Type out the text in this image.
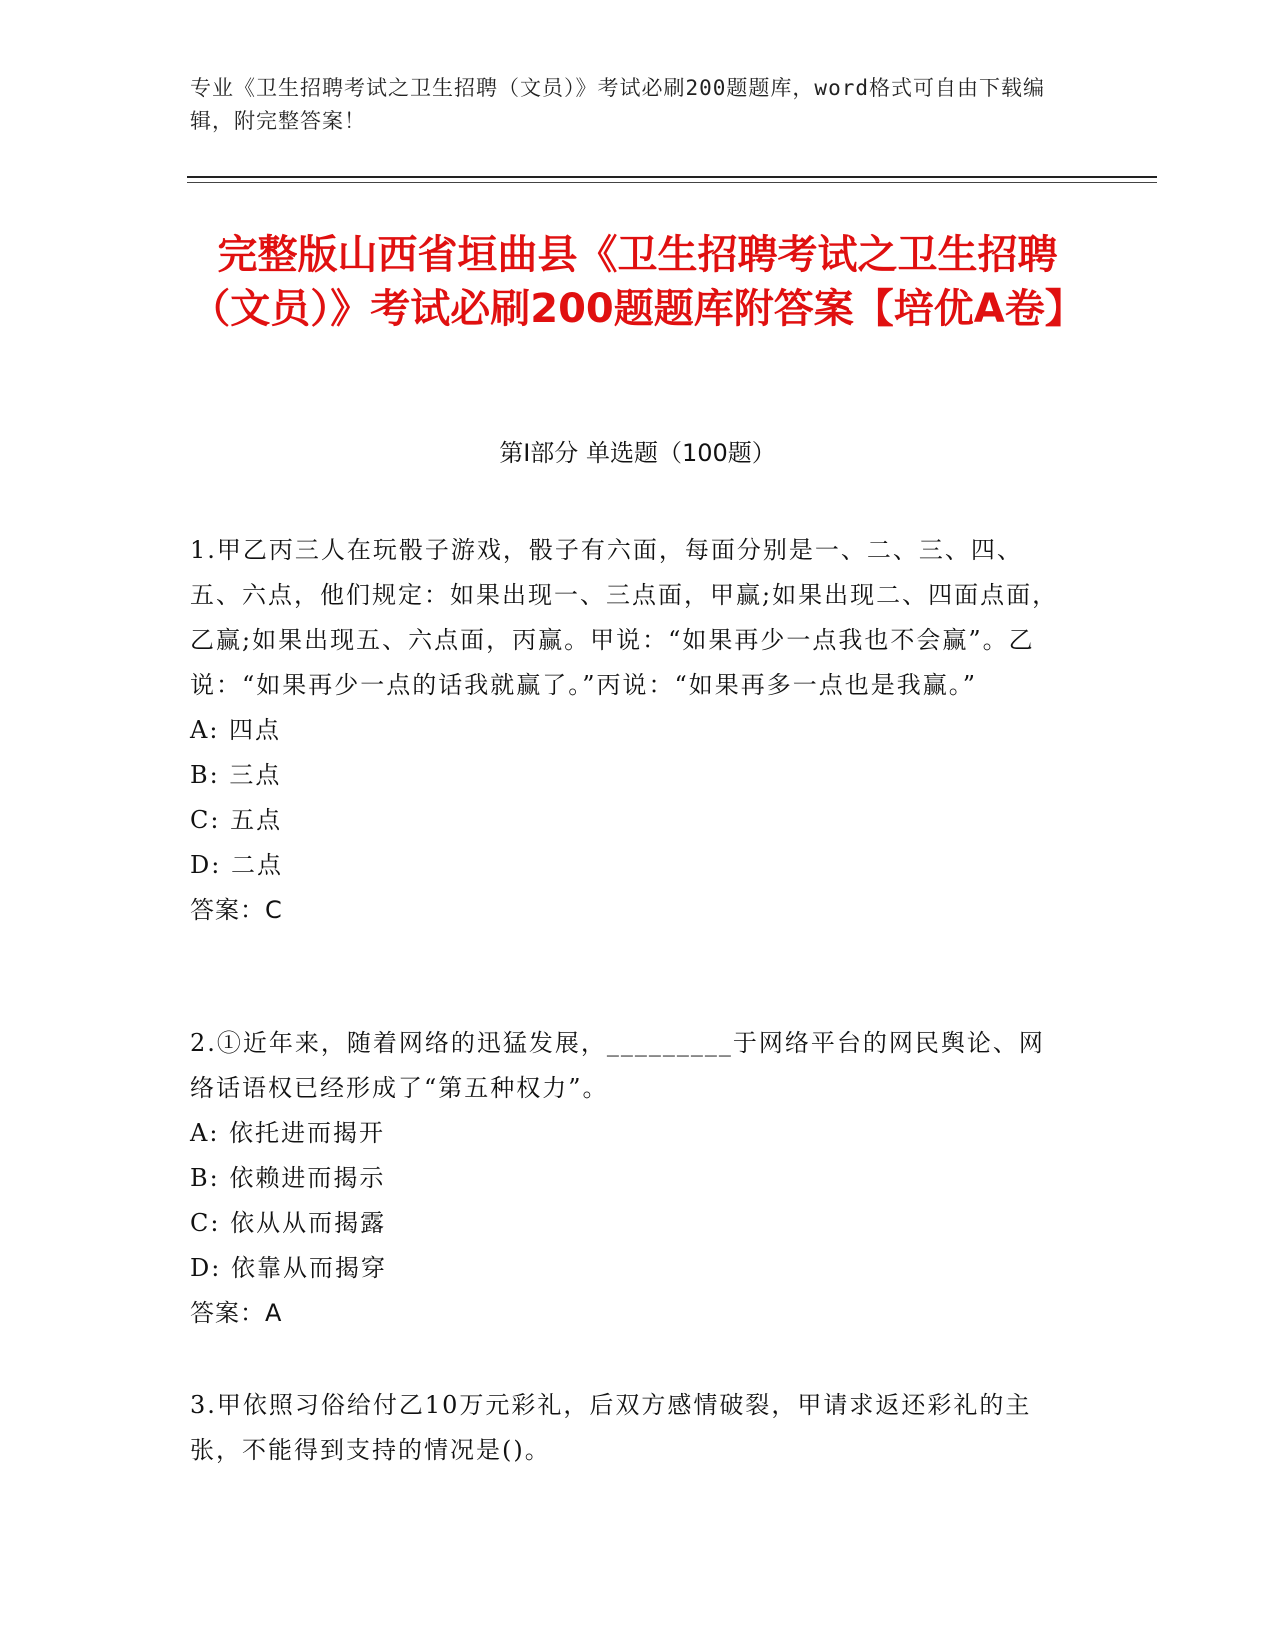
专业《卫生招聘考试之卫生招聘（文员）》考试必刷200题题库，word格式可自由下载编辑，附完整答案！
完整版山西省垣曲县《卫生招聘考试之卫生招聘（文员）》考试必刷200题题库附答案【培优A卷】
第Ⅰ部分 单选题（100题）

1.甲乙丙三人在玩骰子游戏，骰子有六面，每面分别是一、二、三、四、五、六点，他们规定：如果出现一、三点面，甲赢;如果出现二、四面点面，乙赢;如果出现五、六点面，丙赢。甲说：“如果再少一点我也不会赢”。乙说：“如果再少一点的话我就赢了。”丙说：“如果再多一点也是我赢。”

A: 四点

B: 三点

C: 五点

D: 二点

答案：C

2.①近年来，随着网络的迅猛发展，_________于网络平台的网民舆论、网络话语权已经形成了“第五种权力”。

A: 依托进而揭开

B: 依赖进而揭示

C: 依从从而揭露

D: 依靠从而揭穿

答案：A

3.甲依照习俗给付乙10万元彩礼，后双方感情破裂，甲请求返还彩礼的主张，不能得到支持的情况是()。
